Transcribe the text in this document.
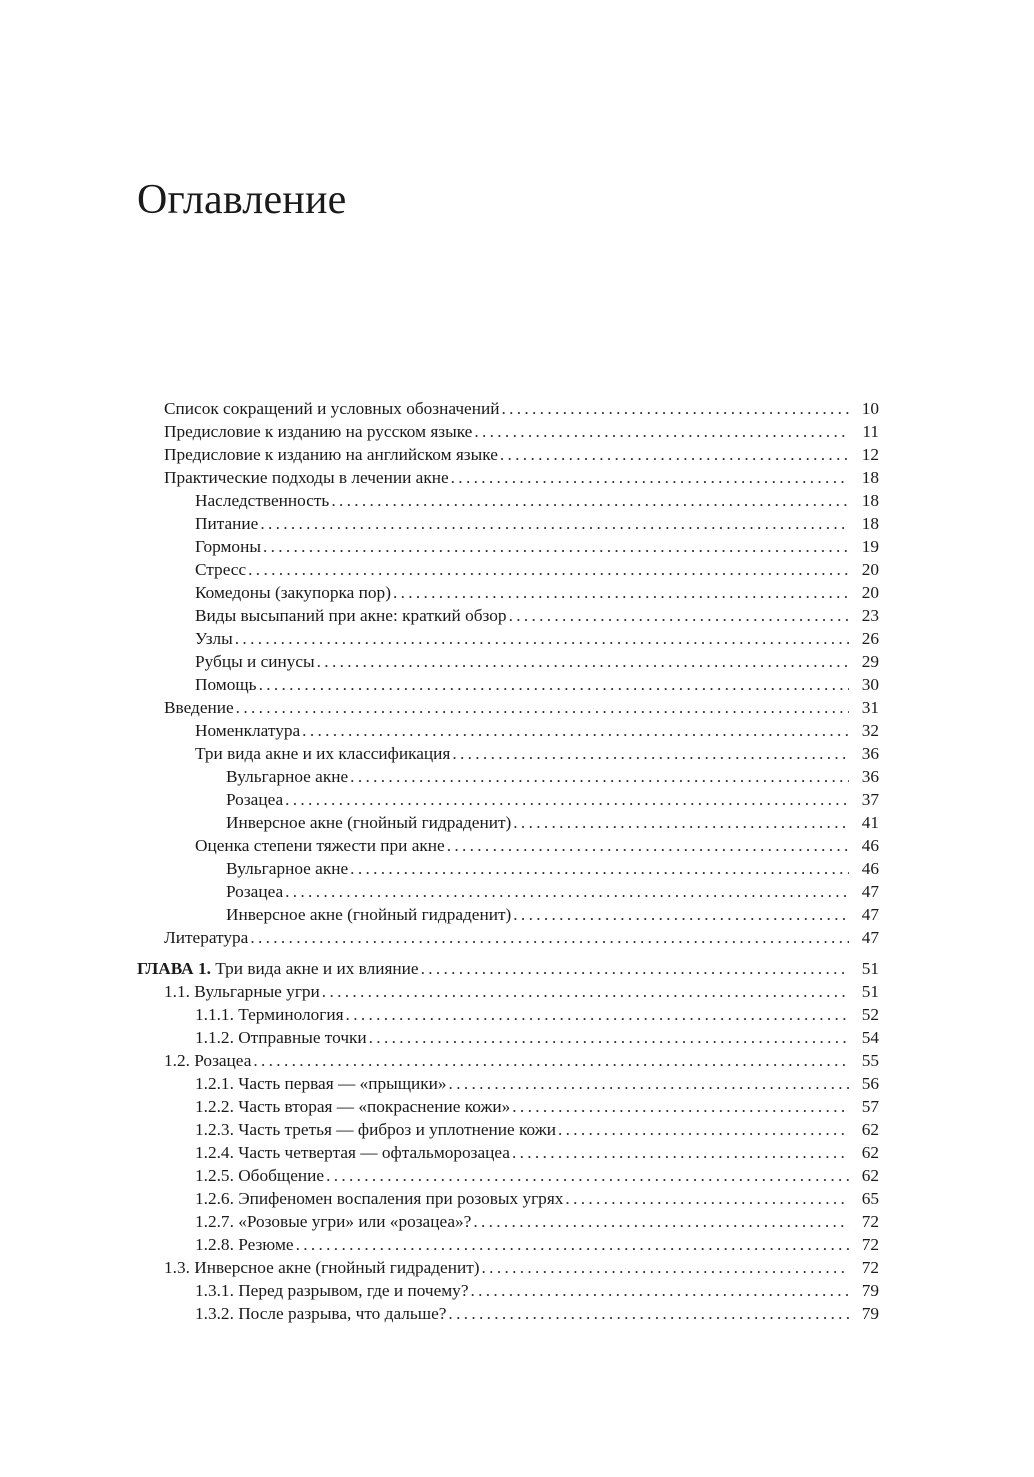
Оглавление
Список сокращений и условных обозначений . . .	10
Предисловие к изданию на русском языке . . .	11
Предисловие к изданию на английском языке . . .	12
Практические подходы в лечении акне . . .	18
Наследственность . . .	18
Питание . . .	18
Гормоны . . .	19
Стресс . . .	20
Комедоны (закупорка пор) . . .	20
Виды высыпаний при акне: краткий обзор . . .	23
Узлы . . .	26
Рубцы и синусы . . .	29
Помощь . . .	30
Введение . . .	31
Номенклатура . . .	32
Три вида акне и их классификация . . .	36
Вульгарное акне . . .	36
Розацеа . . .	37
Инверсное акне (гнойный гидраденит) . . .	41
Оценка степени тяжести при акне . . .	46
Вульгарное акне . . .	46
Розацеа . . .	47
Инверсное акне (гнойный гидраденит) . . .	47
Литература . . .	47
ГЛАВА 1. Три вида акне и их влияние . . .	51
1.1. Вульгарные угри . . .	51
1.1.1. Терминология . . .	52
1.1.2. Отправные точки . . .	54
1.2. Розацеа . . .	55
1.2.1. Часть первая — «прыщики» . . .	56
1.2.2. Часть вторая — «покраснение кожи» . . .	57
1.2.3. Часть третья — фиброз и уплотнение кожи . . .	62
1.2.4. Часть четвертая — офтальморозацеа . . .	62
1.2.5. Обобщение . . .	62
1.2.6. Эпифеномен воспаления при розовых угрях . . .	65
1.2.7. «Розовые угри» или «розацеа»? . . .	72
1.2.8. Резюме . . .	72
1.3. Инверсное акне (гнойный гидраденит) . . .	72
1.3.1. Перед разрывом, где и почему? . . .	79
1.3.2. После разрыва, что дальше? . . .	79
